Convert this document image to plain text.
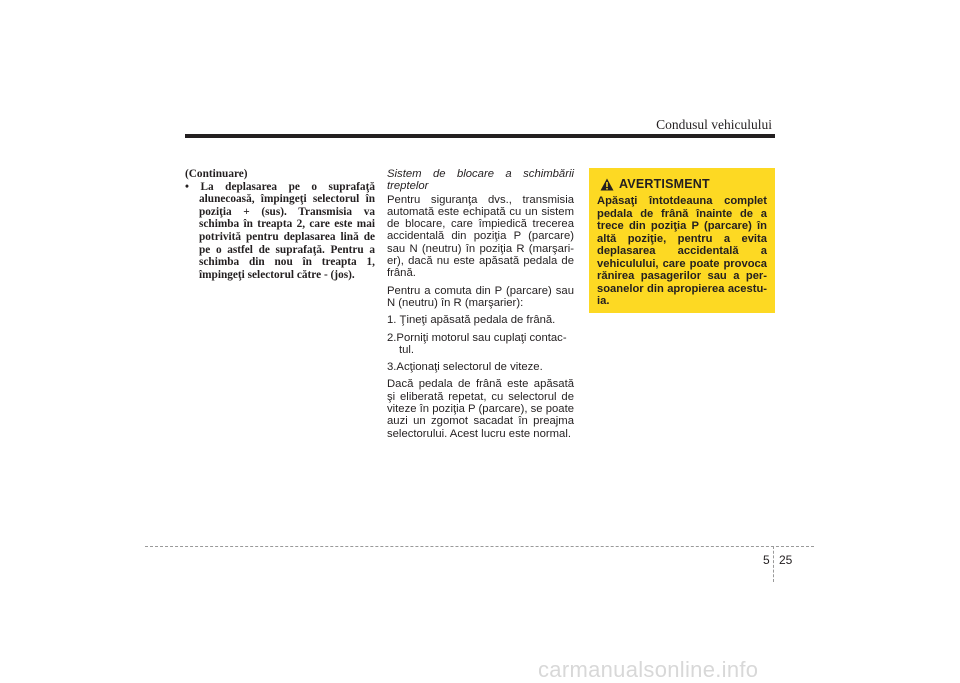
Condusul vehiculului
(Continuare)
• La deplasarea pe o suprafaţă alunecoasă, împingeţi selectorul în poziţia + (sus). Transmisia va schimba în treapta 2, care este mai potrivită pentru deplasarea lină de pe o astfel de suprafaţă. Pentru a schimba din nou în treapta 1, împingeţi selectorul către - (jos).

Sistem de blocare a schimbării treptelor

Pentru siguranţa dvs., transmisia automată este echipată cu un sistem de blocare, care împiedică trecerea accidentală din poziţia P (parcare) sau N (neutru) în poziţia R (marşari-er), dacă nu este apăsată pedala de frână.

Pentru a comuta din P (parcare) sau N (neutru) în R (marşarier):

1. Ţineţi apăsată pedala de frână.

2.Porniţi motorul sau cuplaţi contac-tul.

3.Acţionaţi selectorul de viteze.

Dacă pedala de frână este apăsată şi eliberată repetat, cu selectorul de viteze în poziţia P (parcare), se poate auzi un zgomot sacadat în preajma selectorului. Acest lucru este normal.

AVERTISMENT
Apăsaţi întotdeauna complet pedala de frână înainte de a trece din poziţia P (parcare) în altă poziţie, pentru a evita deplasarea accidentală a vehiculului, care poate provoca rănirea pasagerilor sau a per-soanelor din apropierea acestu-ia.
5 25
carmanualsonline.info
